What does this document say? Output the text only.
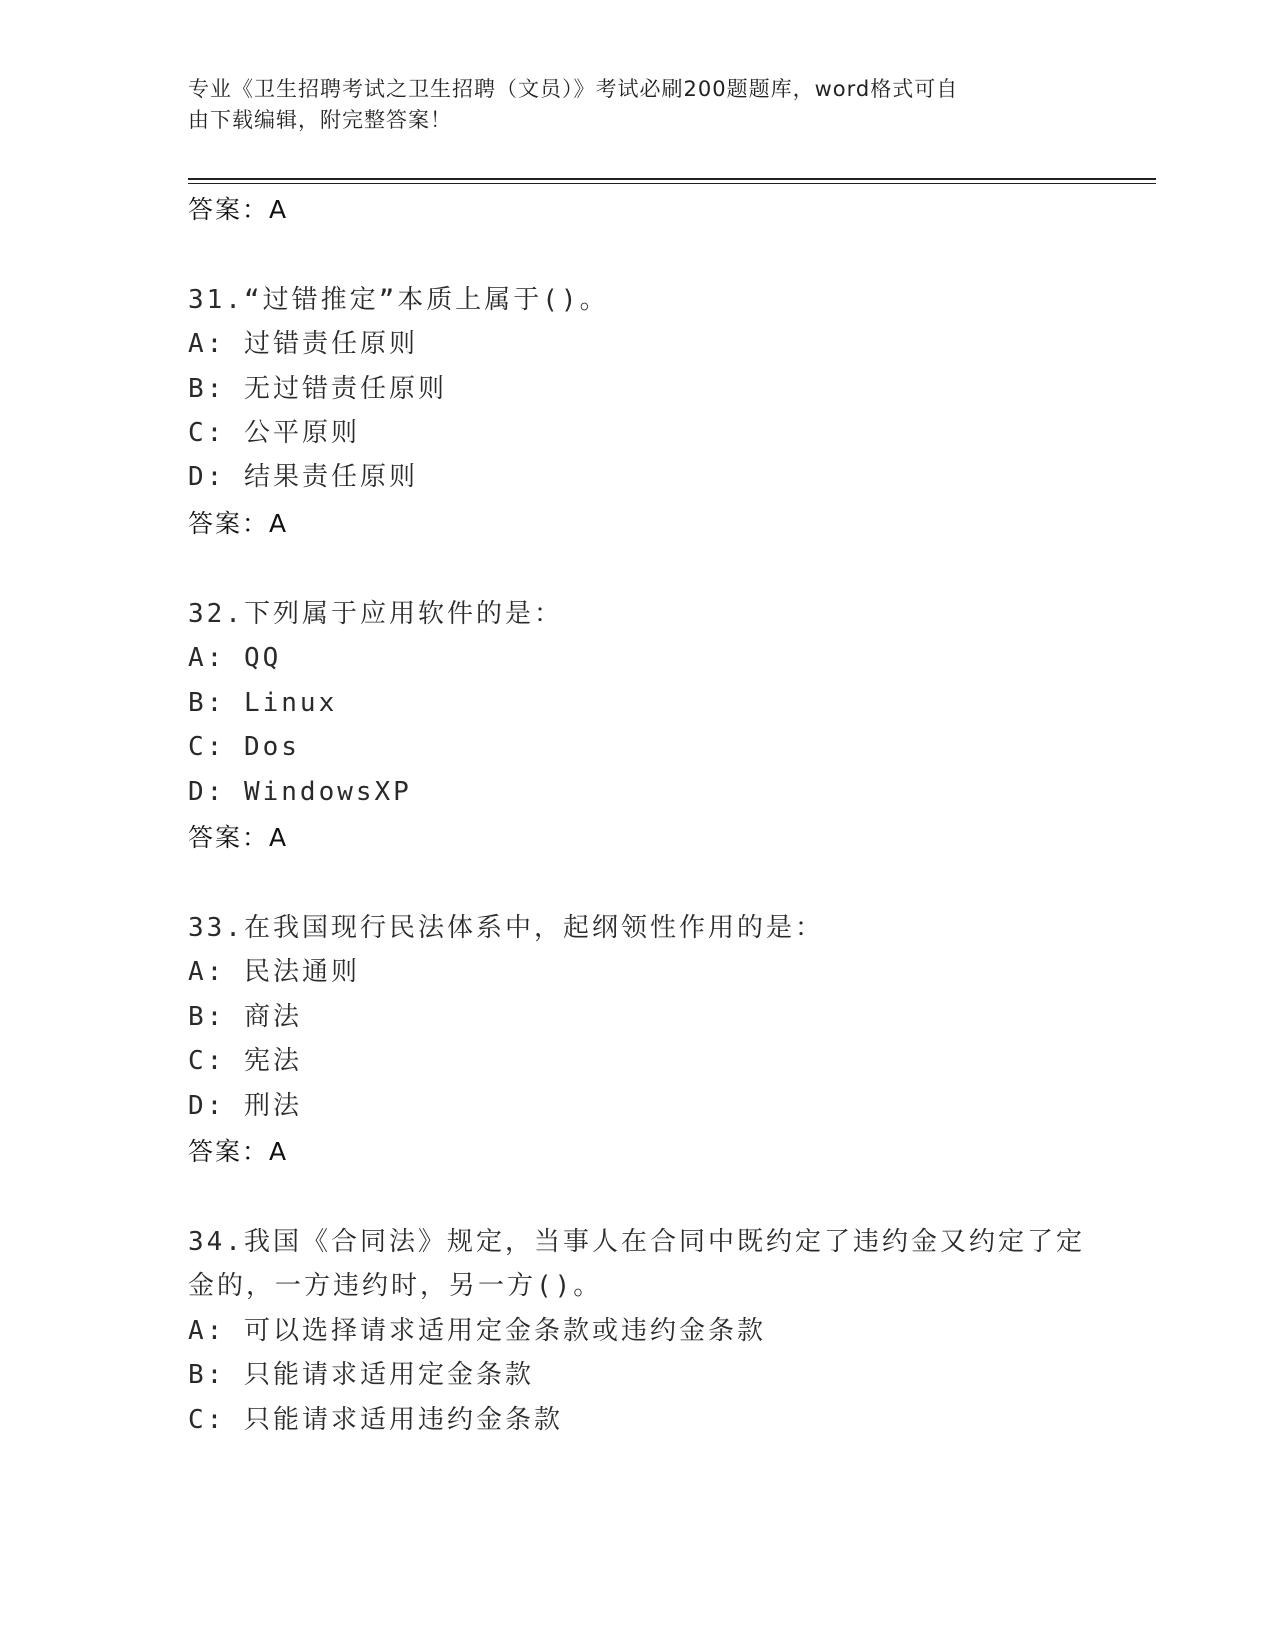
专业《卫生招聘考试之卫生招聘（文员）》考试必刷200题题库，word格式可自
由下载编辑，附完整答案！
答案：A
31.“过错推定”本质上属于()。
A: 过错责任原则
B: 无过错责任原则
C: 公平原则
D: 结果责任原则
答案：A
32.下列属于应用软件的是：
A: QQ
B: Linux
C: Dos
D: WindowsXP
答案：A
33.在我国现行民法体系中，起纲领性作用的是：
A: 民法通则
B: 商法
C: 宪法
D: 刑法
答案：A
34.我国《合同法》规定，当事人在合同中既约定了违约金又约定了定
金的，一方违约时，另一方()。
A: 可以选择请求适用定金条款或违约金条款
B: 只能请求适用定金条款
C: 只能请求适用违约金条款
